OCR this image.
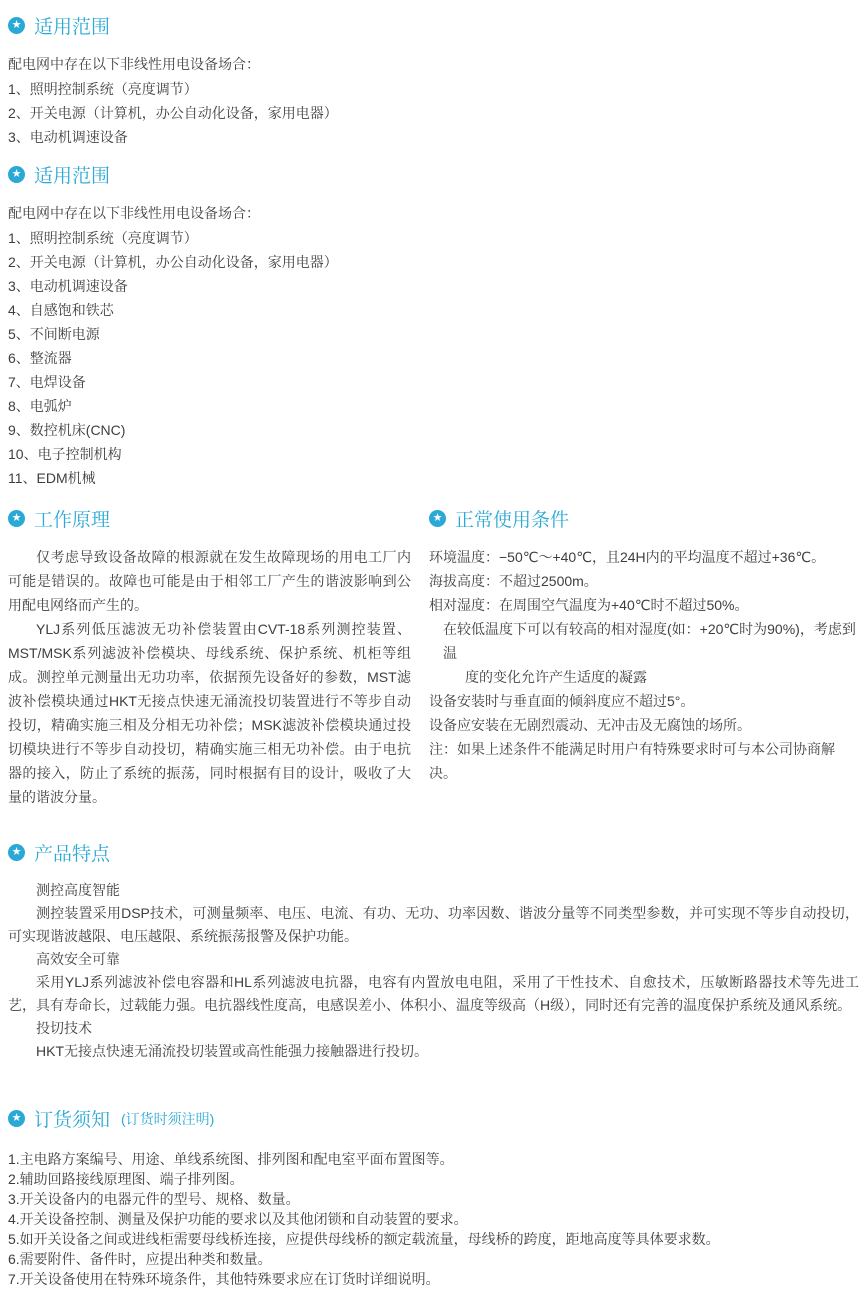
★ 适用范围
配电网中存在以下非线性用电设备场合：
1、照明控制系统（亮度调节）
2、开关电源（计算机，办公自动化设备，家用电器）
3、电动机调速设备
★ 适用范围
配电网中存在以下非线性用电设备场合：
1、照明控制系统（亮度调节）
2、开关电源（计算机，办公自动化设备，家用电器）
3、电动机调速设备
4、自感饱和铁芯
5、不间断电源
6、整流器
7、电焊设备
8、电弧炉
9、数控机床(CNC)
10、电子控制机构
11、EDM机械
★ 工作原理
仅考虑导致设备故障的根源就在发生故障现场的用电工厂内可能是错误的。故障也可能是由于相邻工厂产生的谐波影响到公用配电网络而产生的。
YLJ系列低压滤波无功补偿装置由CVT-18系列测控装置、MST/MSK系列滤波补偿模块、母线系统、保护系统、机柜等组成。测控单元测量出无功功率，依据预先设备好的参数，MST滤波补偿模块通过HKT无接点快速无涌流投切装置进行不等步自动投切，精确实施三相及分相无功补偿；MSK滤波补偿模块通过投切模块进行不等步自动投切，精确实施三相无功补偿。由于电抗器的接入，防止了系统的振荡，同时根据有目的设计，吸收了大量的谐波分量。
★ 正常使用条件
环境温度：−50℃～+40℃，且24H内的平均温度不超过+36℃。
海拔高度：不超过2500m。
相对湿度：在周围空气温度为+40℃时不超过50%。
在较低温度下可以有较高的相对湿度(如：+20℃时为90%)，考虑到温
度的变化允许产生适度的凝露
设备安装时与垂直面的倾斜度应不超过5°。
设备应安装在无剧烈震动、无冲击及无腐蚀的场所。
注：如果上述条件不能满足时用户有特殊要求时可与本公司协商解决。
★ 产品特点
测控高度智能
测控装置采用DSP技术，可测量频率、电压、电流、有功、无功、功率因数、谐波分量等不同类型参数，并可实现不等步自动投切，可实现谐波越限、电压越限、系统振荡报警及保护功能。
高效安全可靠
采用YLJ系列滤波补偿电容器和HL系列滤波电抗器，电容有内置放电电阻，采用了干性技术、自愈技术，压敏断路器技术等先进工艺，具有寿命长，过载能力强。电抗器线性度高，电感误差小、体积小、温度等级高（H级），同时还有完善的温度保护系统及通风系统。
投切技术
HKT无接点快速无涌流投切装置或高性能强力接触器进行投切。
★ 订货须知 (订货时须注明)
1.主电路方案编号、用途、单线系统图、排列图和配电室平面布置图等。
2.辅助回路接线原理图、端子排列图。
3.开关设备内的电器元件的型号、规格、数量。
4.开关设备控制、测量及保护功能的要求以及其他闭锁和自动装置的要求。
5.如开关设备之间或进线柜需要母线桥连接，应提供母线桥的额定载流量，母线桥的跨度，距地高度等具体要求数。
6.需要附件、备件时，应提出种类和数量。
7.开关设备使用在特殊环境条件，其他特殊要求应在订货时详细说明。
